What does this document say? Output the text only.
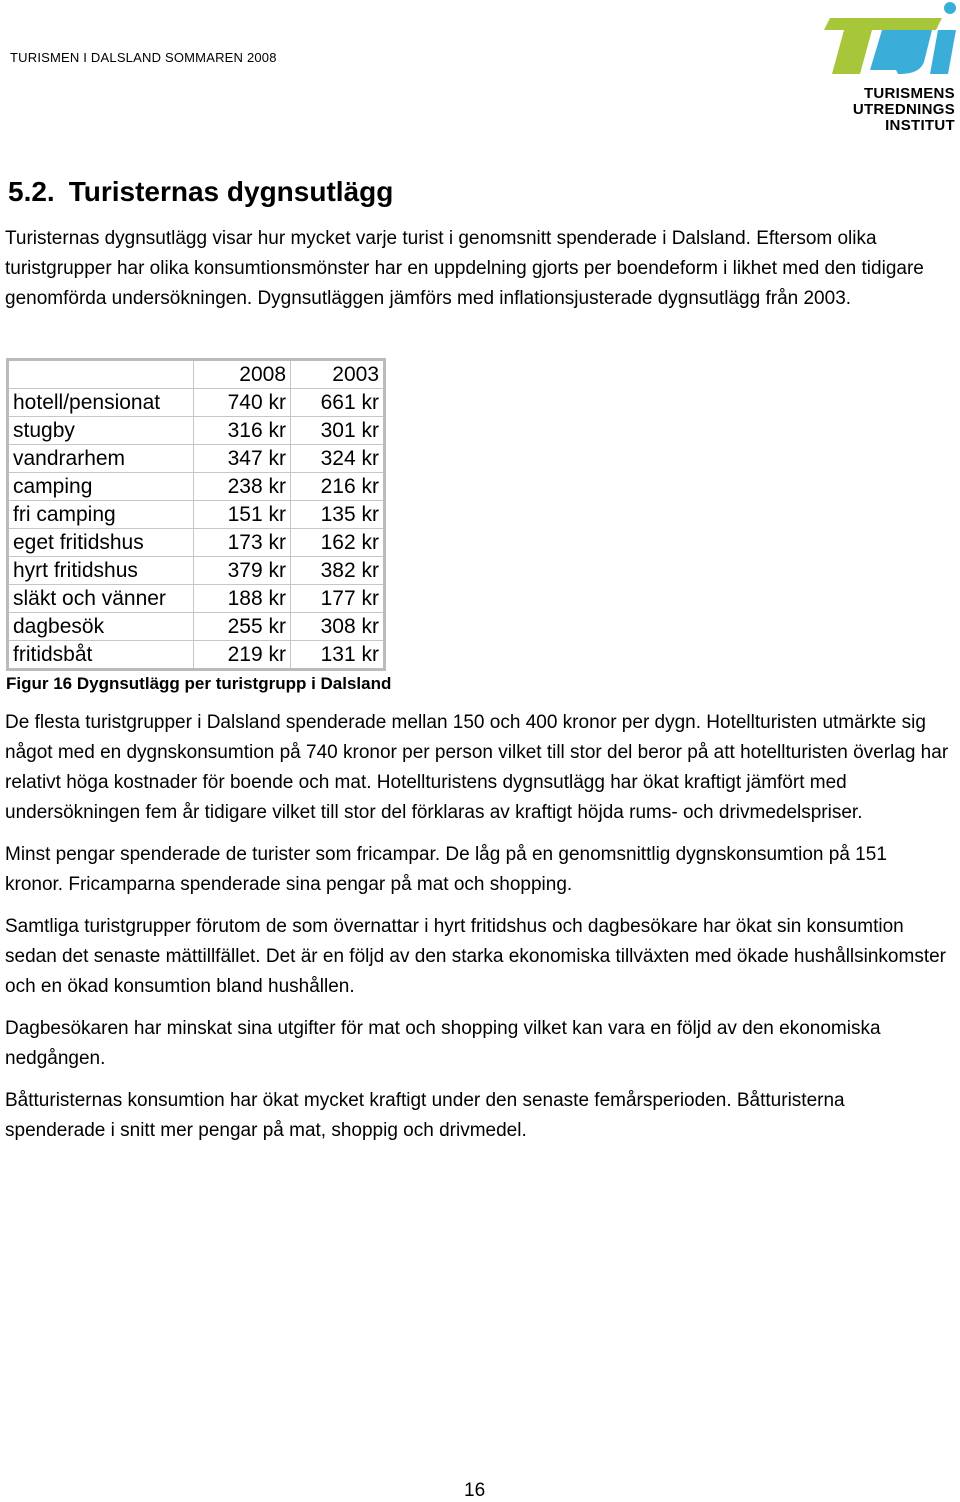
TURISMEN I DALSLAND SOMMAREN 2008
TURISMENS
UTREDNINGS
INSTITUT
5.2. Turisternas dygnsutlägg

Turisternas dygnsutlägg visar hur mycket varje turist i genomsnitt spenderade i Dalsland. Eftersom olika turistgrupper har olika konsumtionsmönster har en uppdelning gjorts per boendeform i likhet med den tidigare genomförda undersökningen. Dygnsutläggen jämförs med inflationsjusterade dygnsutlägg från 2003.

	2008	2003
hotell/pensionat	740 kr	661 kr
stugby	316 kr	301 kr
vandrarhem	347 kr	324 kr
camping	238 kr	216 kr
fri camping	151 kr	135 kr
eget fritidshus	173 kr	162 kr
hyrt fritidshus	379 kr	382 kr
släkt och vänner	188 kr	177 kr
dagbesök	255 kr	308 kr
fritidsbåt	219 kr	131 kr
Figur 16 Dygnsutlägg per turistgrupp i Dalsland

De flesta turistgrupper i Dalsland spenderade mellan 150 och 400 kronor per dygn. Hotellturisten utmärkte sig något med en dygnskonsumtion på 740 kronor per person vilket till stor del beror på att hotellturisten överlag har relativt höga kostnader för boende och mat. Hotellturistens dygnsutlägg har ökat kraftigt jämfört med undersökningen fem år tidigare vilket till stor del förklaras av kraftigt höjda rums- och drivmedelspriser.

Minst pengar spenderade de turister som fricampar. De låg på en genomsnittlig dygnskonsumtion på 151 kronor. Fricamparna spenderade sina pengar på mat och shopping.

Samtliga turistgrupper förutom de som övernattar i hyrt fritidshus och dagbesökare har ökat sin konsumtion sedan det senaste mättillfället. Det är en följd av den starka ekonomiska tillväxten med ökade hushållsinkomster och en ökad konsumtion bland hushållen.

Dagbesökaren har minskat sina utgifter för mat och shopping vilket kan vara en följd av den ekonomiska nedgången.

Båtturisternas konsumtion har ökat mycket kraftigt under den senaste femårsperioden. Båtturisterna spenderade i snitt mer pengar på mat, shoppig och drivmedel.

16
